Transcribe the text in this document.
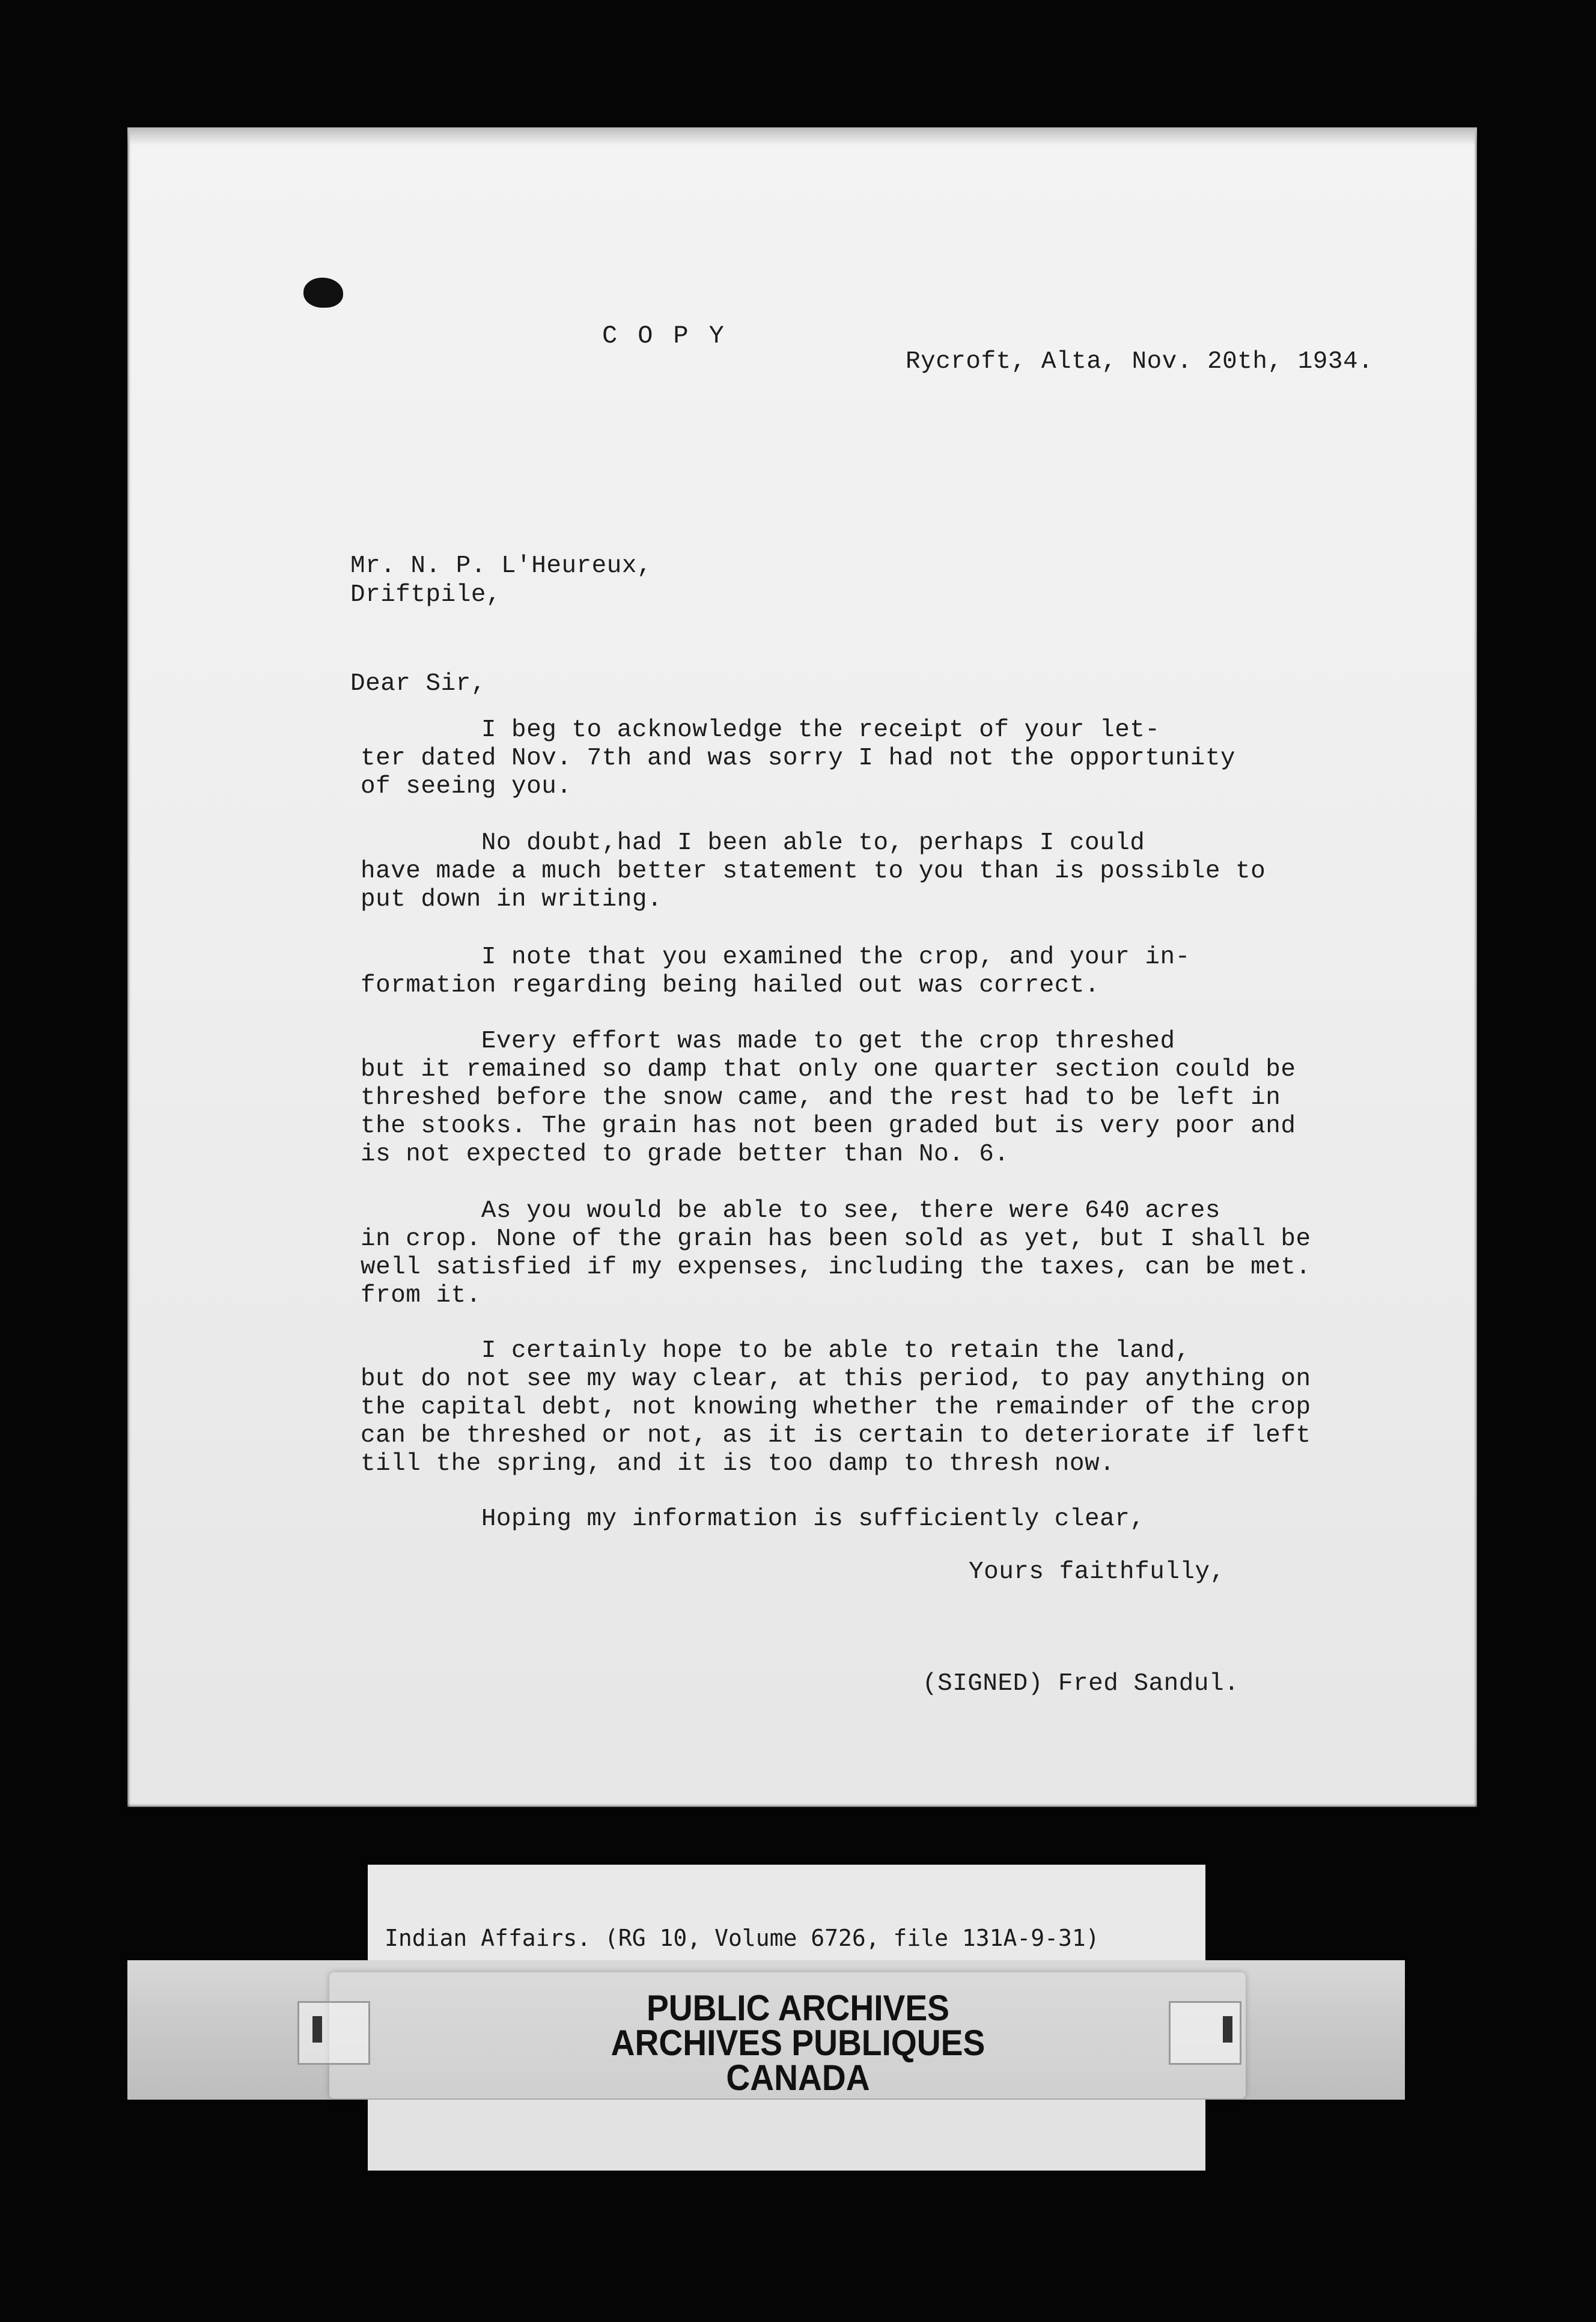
COPY

Rycroft, Alta, Nov. 20th, 1934.

Mr. N. P. L'Heureux,

Driftpile,

Dear Sir,

I beg to acknowledge the receipt of your let-

ter dated Nov. 7th and was sorry I had not the opportunity

of seeing you.

No doubt,had I been able to, perhaps I could

have made a much better statement to you than is possible to

put down in writing.

I note that you examined the crop, and your in-

formation regarding being hailed out was correct.

Every effort was made to get the crop threshed

but it remained so damp that only one quarter section could be

threshed before the snow came, and the rest had to be left in

the stooks. The grain has not been graded but is very poor and

is not expected to grade better than No. 6.

As you would be able to see, there were 640 acres

in crop. None of the grain has been sold as yet, but I shall be

well satisfied if my expenses, including the taxes, can be met.

from it.

I certainly hope to be able to retain the land,

but do not see my way clear, at this period, to pay anything on

the capital debt, not knowing whether the remainder of the crop

can be threshed or not, as it is certain to deteriorate if left

till the spring, and it is too damp to thresh now.

Hoping my information is sufficiently clear,

Yours faithfully,

(SIGNED) Fred Sandul.

Indian Affairs. (RG 10, Volume 6726, file 131A-9-31)
PUBLIC ARCHIVES
ARCHIVES PUBLIQUES
CANADA
